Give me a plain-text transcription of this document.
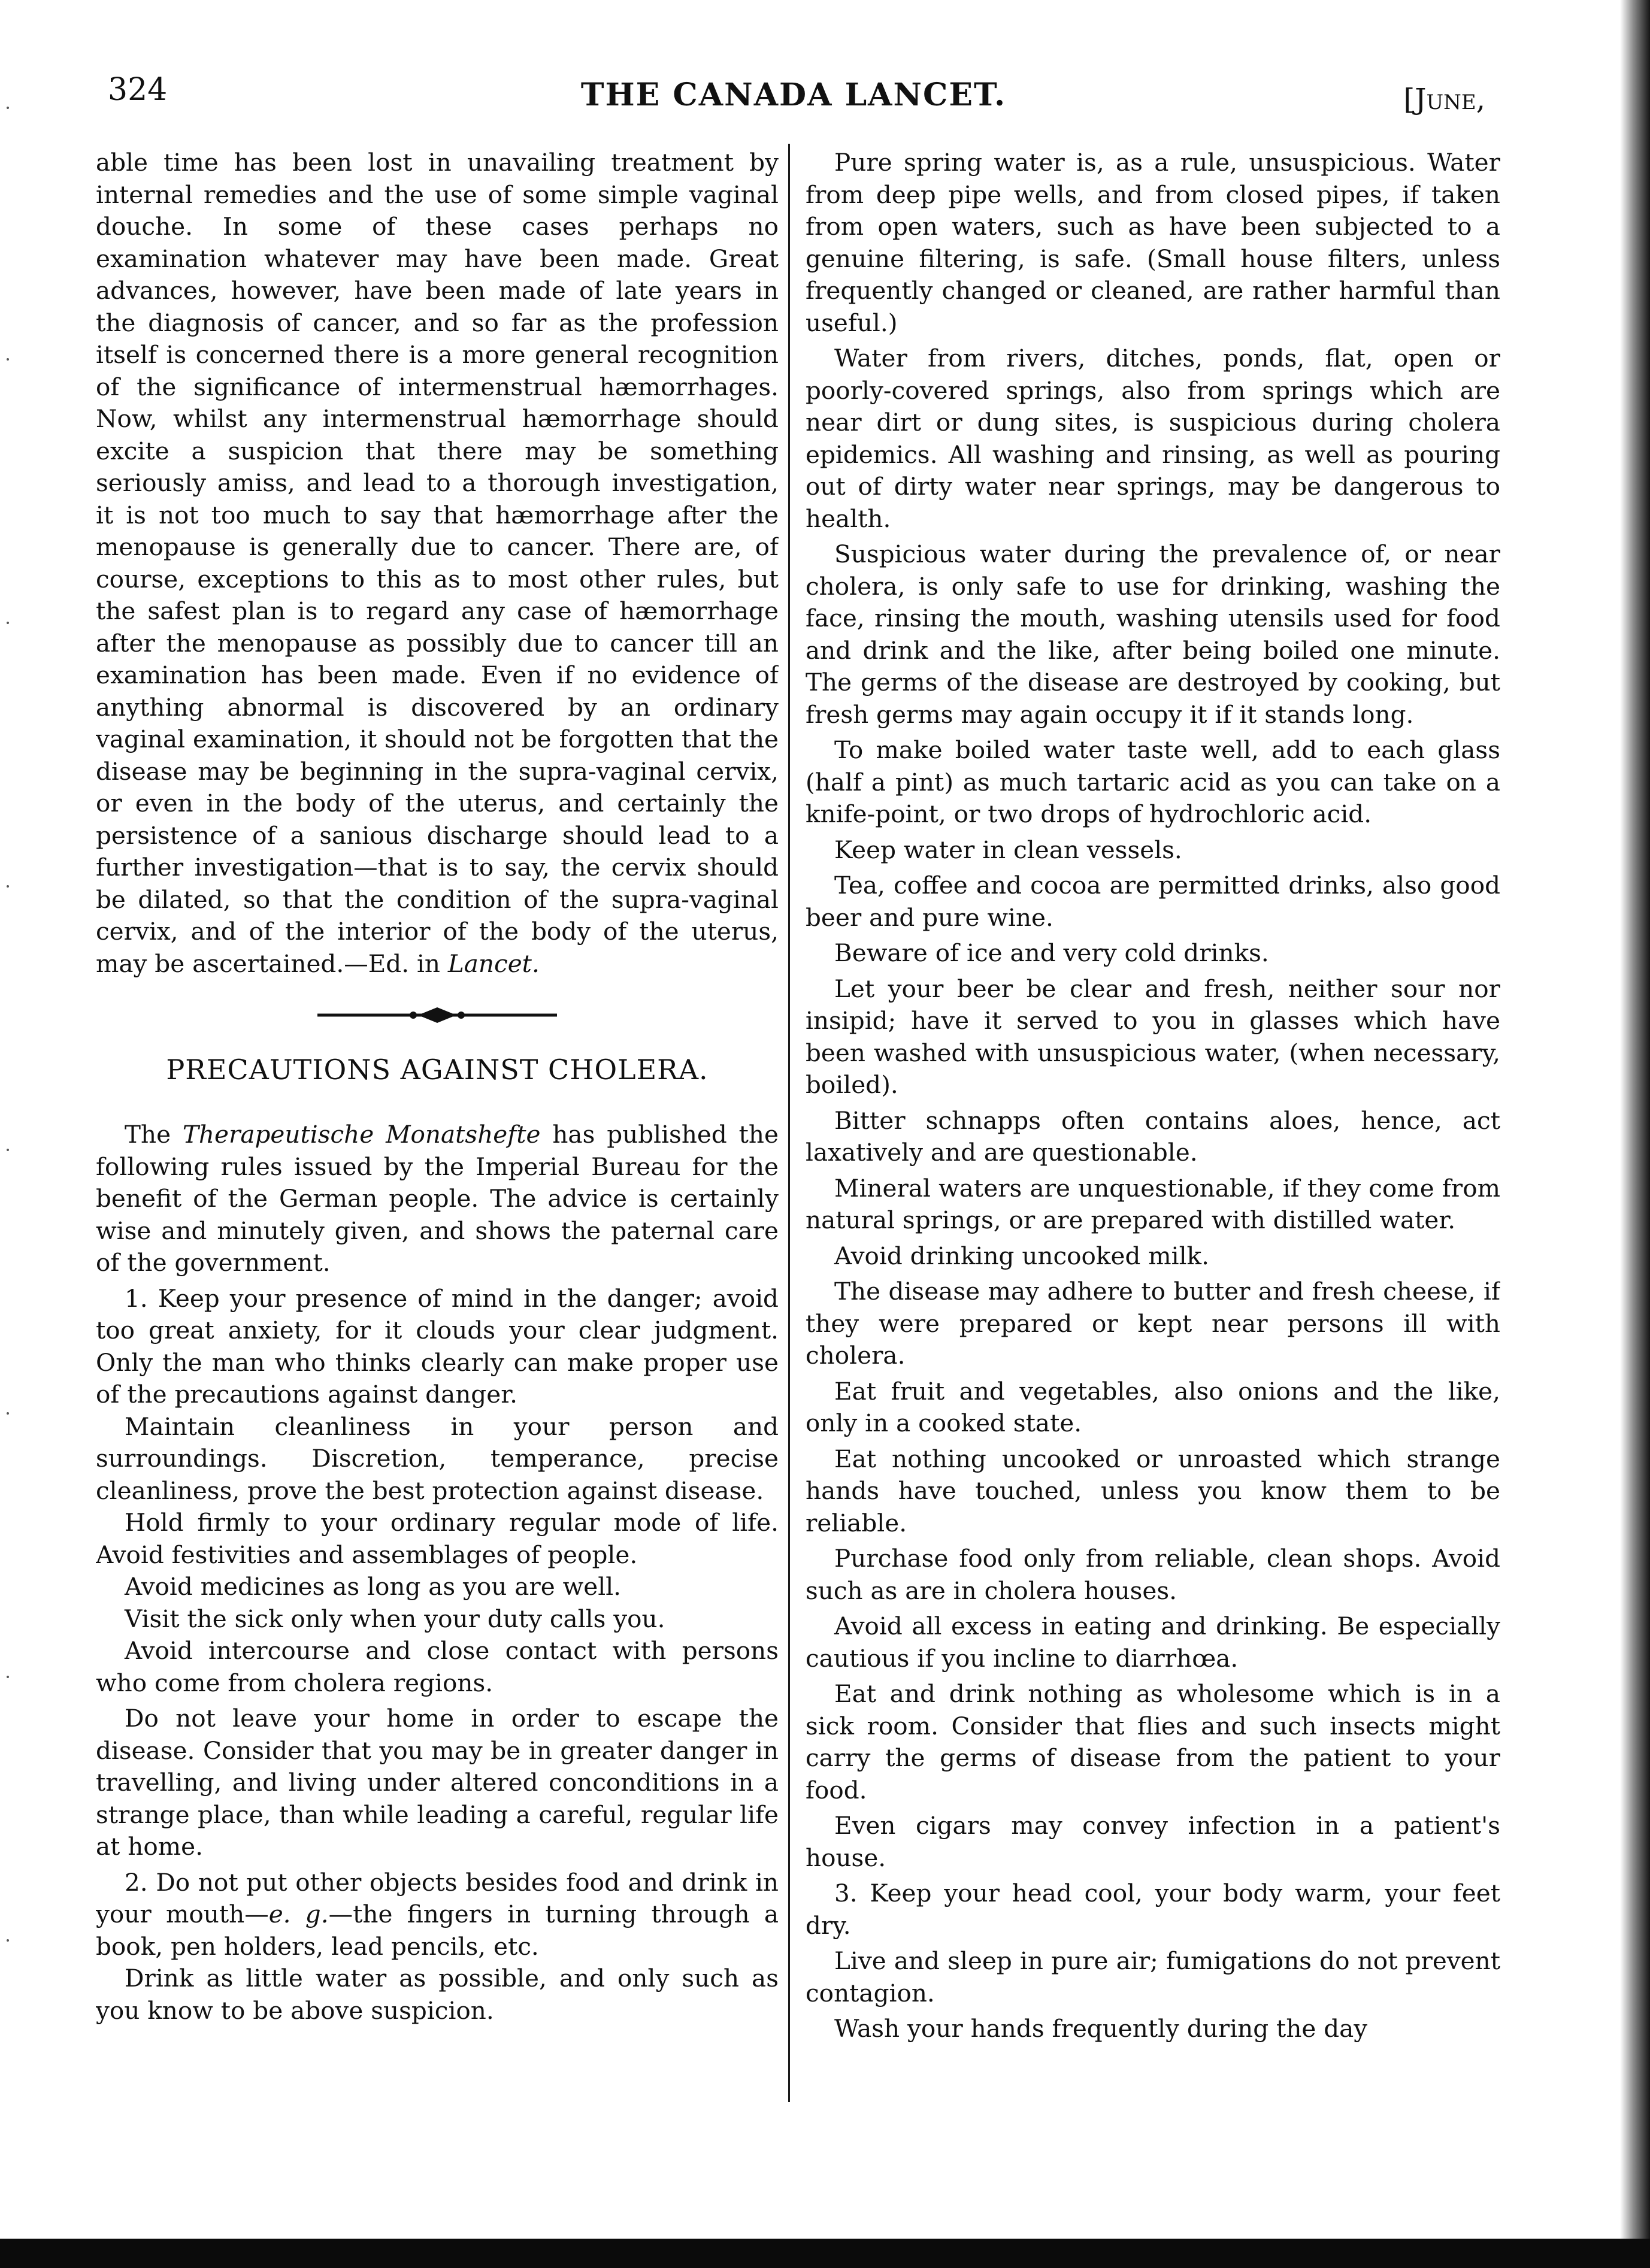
324	THE CANADA LANCET.	[June,

able time has been lost in unavailing treatment by internal remedies and the use of some simple vaginal douche. In some of these cases perhaps no examination whatever may have been made. Great advances, however, have been made of late years in the diagnosis of cancer, and so far as the profession itself is concerned there is a more general recognition of the significance of intermenstrual hæmorrhages. Now, whilst any intermenstrual hæmorrhage should excite a suspicion that there may be something seriously amiss, and lead to a thorough investigation, it is not too much to say that hæmorrhage after the menopause is generally due to cancer. There are, of course, exceptions to this as to most other rules, but the safest plan is to regard any case of hæmorrhage after the menopause as possibly due to cancer till an examination has been made. Even if no evidence of anything abnormal is discovered by an ordinary vaginal examination, it should not be forgotten that the disease may be beginning in the supra-vaginal cervix, or even in the body of the uterus, and certainly the persistence of a sanious discharge should lead to a further investigation—that is to say, the cervix should be dilated, so that the condition of the supra-vaginal cervix, and of the interior of the body of the uterus, may be ascertained.—Ed. in Lancet.

PRECAUTIONS AGAINST CHOLERA.

The Therapeutische Monatshefte has published the following rules issued by the Imperial Bureau for the benefit of the German people. The advice is certainly wise and minutely given, and shows the paternal care of the government.

1. Keep your presence of mind in the danger; avoid too great anxiety, for it clouds your clear judgment. Only the man who thinks clearly can make proper use of the precautions against danger.

Maintain cleanliness in your person and surroundings. Discretion, temperance, precise cleanliness, prove the best protection against disease.

Hold firmly to your ordinary regular mode of life. Avoid festivities and assemblages of people.

Avoid medicines as long as you are well.

Visit the sick only when your duty calls you.

Avoid intercourse and close contact with persons who come from cholera regions.

Do not leave your home in order to escape the disease. Consider that you may be in greater danger in travelling, and living under altered conconditions in a strange place, than while leading a careful, regular life at home.

2. Do not put other objects besides food and drink in your mouth—e. g.—the fingers in turning through a book, pen holders, lead pencils, etc.

Drink as little water as possible, and only such as you know to be above suspicion.

Pure spring water is, as a rule, unsuspicious. Water from deep pipe wells, and from closed pipes, if taken from open waters, such as have been subjected to a genuine filtering, is safe. (Small house filters, unless frequently changed or cleaned, are rather harmful than useful.)

Water from rivers, ditches, ponds, flat, open or poorly-covered springs, also from springs which are near dirt or dung sites, is suspicious during cholera epidemics. All washing and rinsing, as well as pouring out of dirty water near springs, may be dangerous to health.

Suspicious water during the prevalence of, or near cholera, is only safe to use for drinking, washing the face, rinsing the mouth, washing utensils used for food and drink and the like, after being boiled one minute. The germs of the disease are destroyed by cooking, but fresh germs may again occupy it if it stands long.

To make boiled water taste well, add to each glass (half a pint) as much tartaric acid as you can take on a knife-point, or two drops of hydrochloric acid.

Keep water in clean vessels.

Tea, coffee and cocoa are permitted drinks, also good beer and pure wine.

Beware of ice and very cold drinks.

Let your beer be clear and fresh, neither sour nor insipid; have it served to you in glasses which have been washed with unsuspicious water, (when necessary, boiled).

Bitter schnapps often contains aloes, hence, act laxatively and are questionable.

Mineral waters are unquestionable, if they come from natural springs, or are prepared with distilled water.

Avoid drinking uncooked milk.

The disease may adhere to butter and fresh cheese, if they were prepared or kept near persons ill with cholera.

Eat fruit and vegetables, also onions and the like, only in a cooked state.

Eat nothing uncooked or unroasted which strange hands have touched, unless you know them to be reliable.

Purchase food only from reliable, clean shops. Avoid such as are in cholera houses.

Avoid all excess in eating and drinking. Be especially cautious if you incline to diarrhœa.

Eat and drink nothing as wholesome which is in a sick room. Consider that flies and such insects might carry the germs of disease from the patient to your food.

Even cigars may convey infection in a patient's house.

3. Keep your head cool, your body warm, your feet dry.

Live and sleep in pure air; fumigations do not prevent contagion.

Wash your hands frequently during the day
